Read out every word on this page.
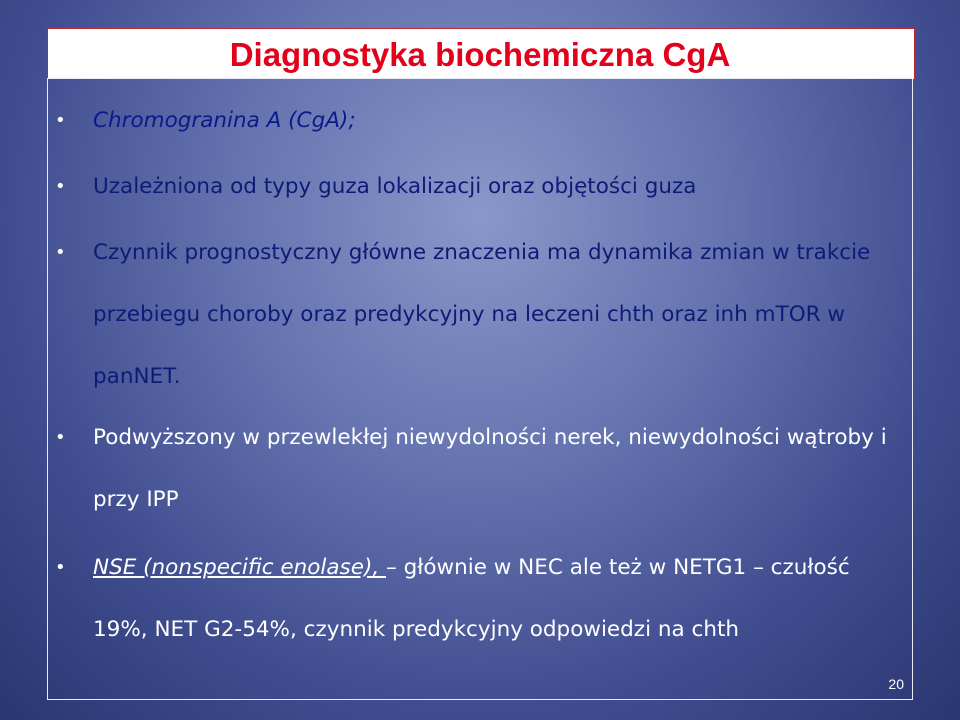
Diagnostyka biochemiczna CgA
• Chromogranina A (CgA);
• Uzależniona od typy guza lokalizacji oraz objętości guza
• Czynnik prognostyczny główne znaczenia ma dynamika zmian w trakcie przebiegu choroby oraz predykcyjny na leczeni chth oraz inh mTOR w panNET.
• Podwyższony w przewlekłej niewydolności nerek, niewydolności wątroby i przy IPP
• NSE (nonspecific enolase), – głównie w NEC ale też w NETG1 – czułość 19%, NET G2-54%, czynnik predykcyjny odpowiedzi na chth
20
